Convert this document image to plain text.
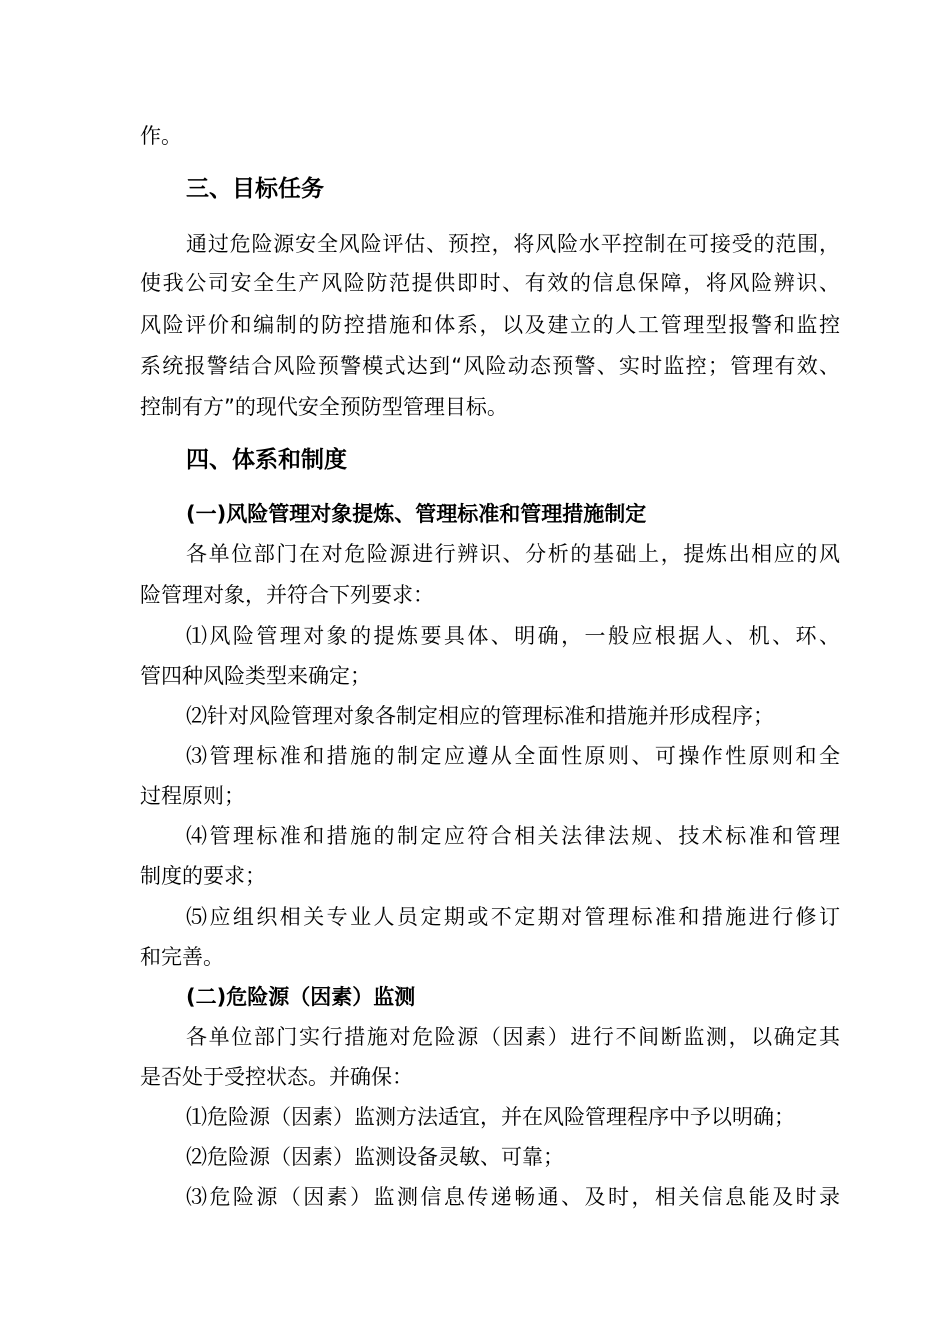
作。
三、目标任务
通过危险源安全风险评估、预控，将风险水平控制在可接受的范围，
使我公司安全生产风险防范提供即时、有效的信息保障，将风险辨识、
风险评价和编制的防控措施和体系，以及建立的人工管理型报警和监控
系统报警结合风险预警模式达到“风险动态预警、实时监控；管理有效、
控制有方”的现代安全预防型管理目标。
四、体系和制度
(一)风险管理对象提炼、管理标准和管理措施制定
各单位部门在对危险源进行辨识、分析的基础上，提炼出相应的风
险管理对象，并符合下列要求：
⑴风险管理对象的提炼要具体、明确，一般应根据人、机、环、
管四种风险类型来确定；
⑵针对风险管理对象各制定相应的管理标准和措施并形成程序；
⑶管理标准和措施的制定应遵从全面性原则、可操作性原则和全
过程原则；
⑷管理标准和措施的制定应符合相关法律法规、技术标准和管理
制度的要求；
⑸应组织相关专业人员定期或不定期对管理标准和措施进行修订
和完善。
(二)危险源（因素）监测
各单位部门实行措施对危险源（因素）进行不间断监测，以确定其
是否处于受控状态。并确保：
⑴危险源（因素）监测方法适宜，并在风险管理程序中予以明确；
⑵危险源（因素）监测设备灵敏、可靠；
⑶危险源（因素）监测信息传递畅通、及时，相关信息能及时录
